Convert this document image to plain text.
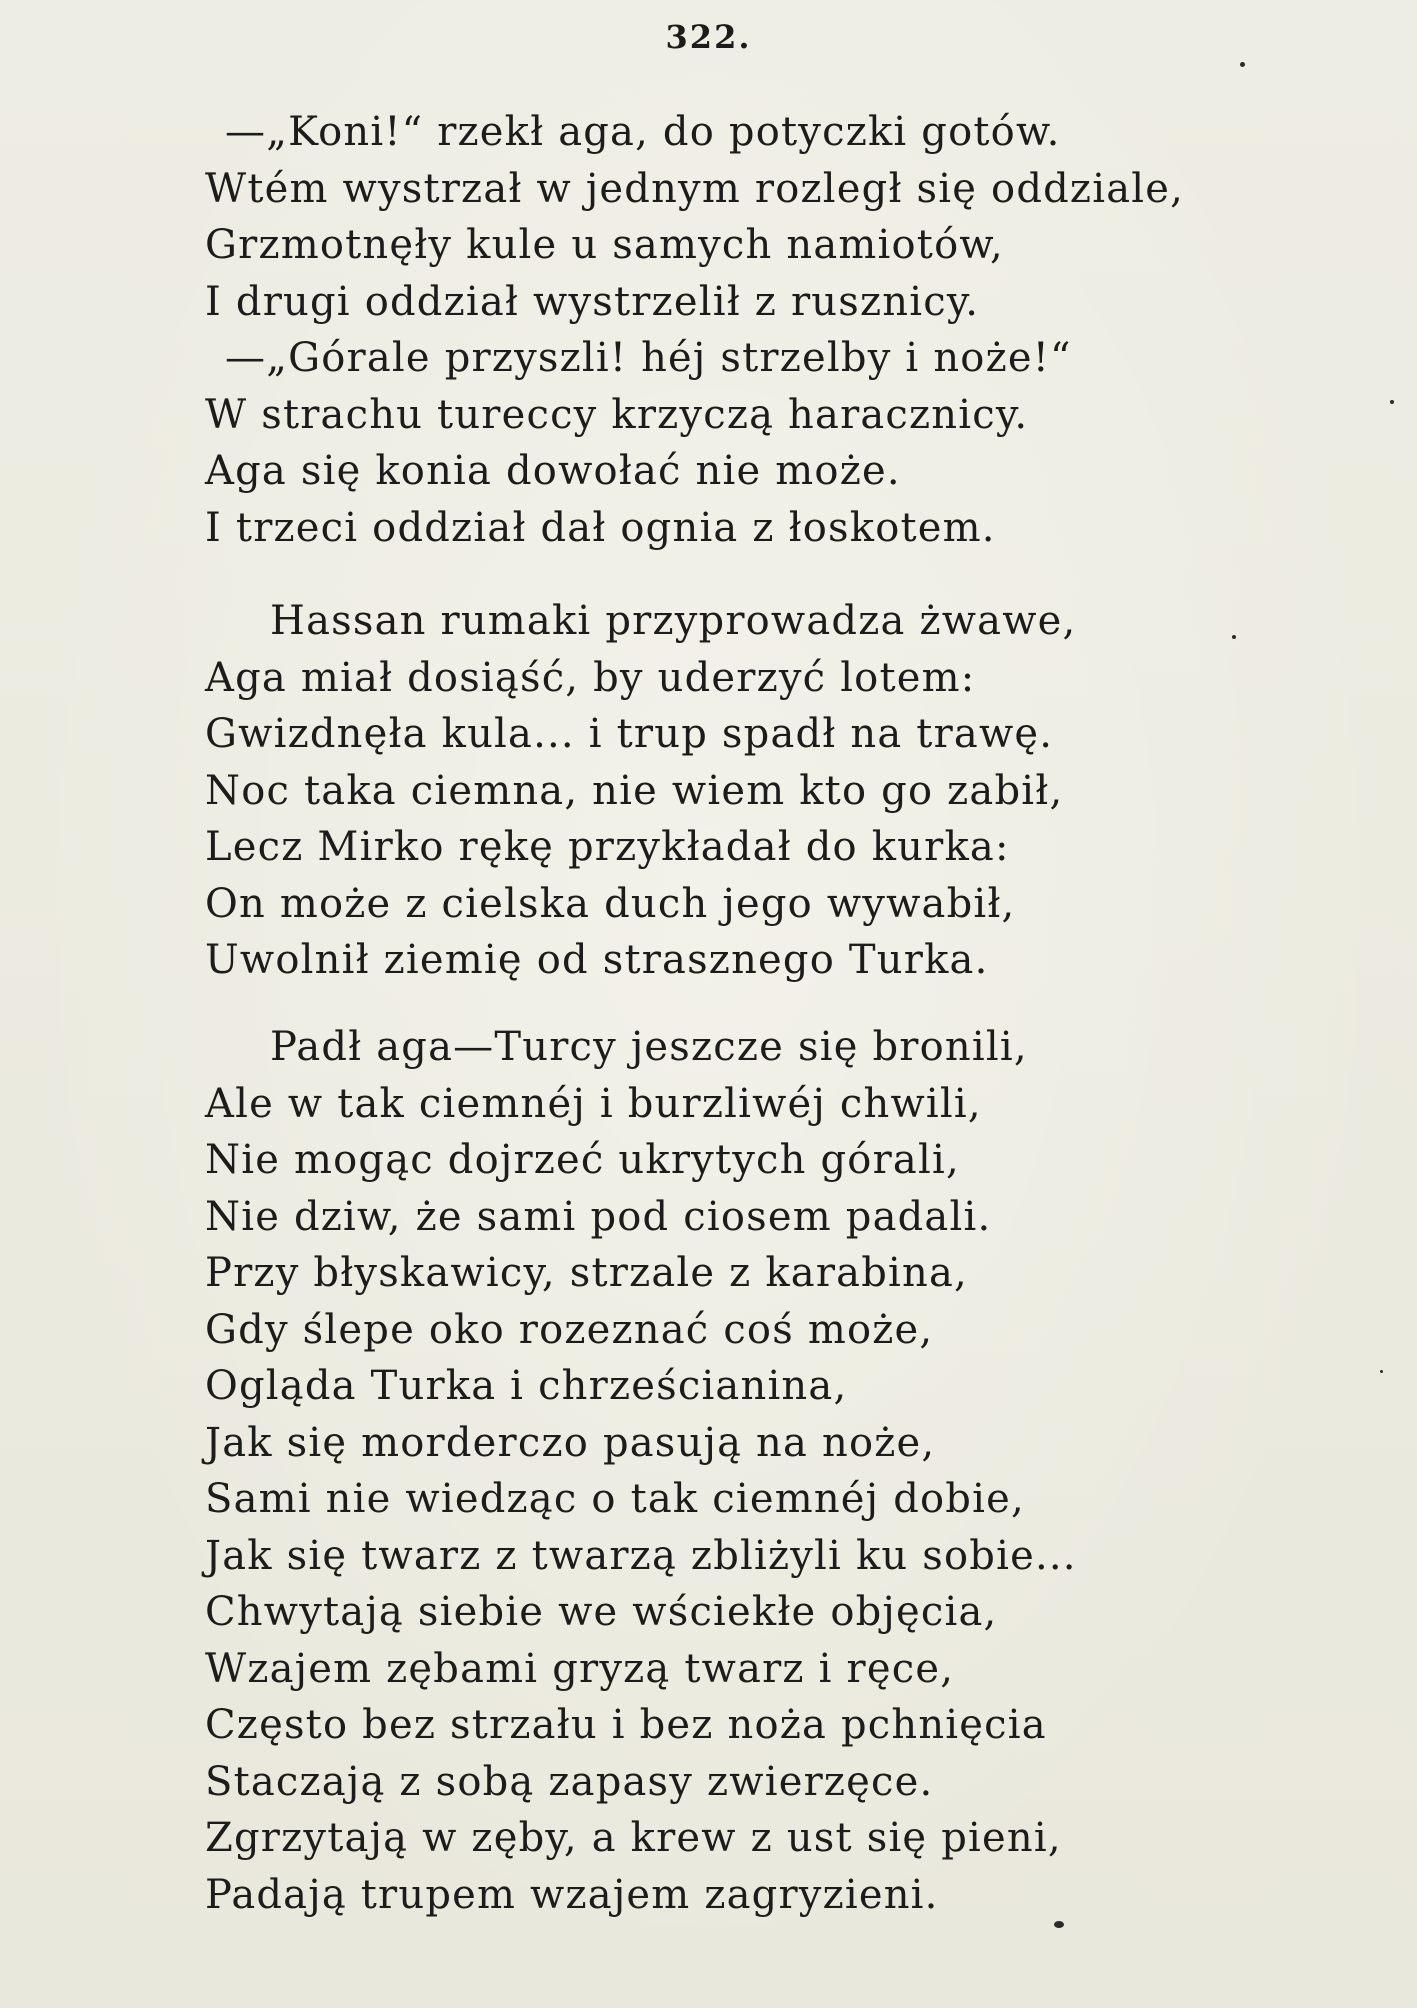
322.
—„Koni!“ rzekł aga, do potyczki gotów.
Wtém wystrzał w jednym rozległ się oddziale,
Grzmotnęły kule u samych namiotów,
I drugi oddział wystrzelił z rusznicy.
—„Górale przyszli! héj strzelby i noże!“
W strachu tureccy krzyczą haracznicy.
Aga się konia dowołać nie może.
I trzeci oddział dał ognia z łoskotem.
Hassan rumaki przyprowadza żwawe,
Aga miał dosiąść, by uderzyć lotem:
Gwizdnęła kula... i trup spadł na trawę.
Noc taka ciemna, nie wiem kto go zabił,
Lecz Mirko rękę przykładał do kurka:
On może z cielska duch jego wywabił,
Uwolnił ziemię od strasznego Turka.
Padł aga—Turcy jeszcze się bronili,
Ale w tak ciemnéj i burzliwéj chwili,
Nie mogąc dojrzeć ukrytych górali,
Nie dziw, że sami pod ciosem padali.
Przy błyskawicy, strzale z karabina,
Gdy ślepe oko rozeznać coś może,
Ogląda Turka i chrześcianina,
Jak się morderczo pasują na noże,
Sami nie wiedząc o tak ciemnéj dobie,
Jak się twarz z twarzą zbliżyli ku sobie...
Chwytają siebie we wściekłe objęcia,
Wzajem zębami gryzą twarz i ręce,
Często bez strzału i bez noża pchnięcia
Staczają z sobą zapasy zwierzęce.
Zgrzytają w zęby, a krew z ust się pieni,
Padają trupem wzajem zagryzieni.
